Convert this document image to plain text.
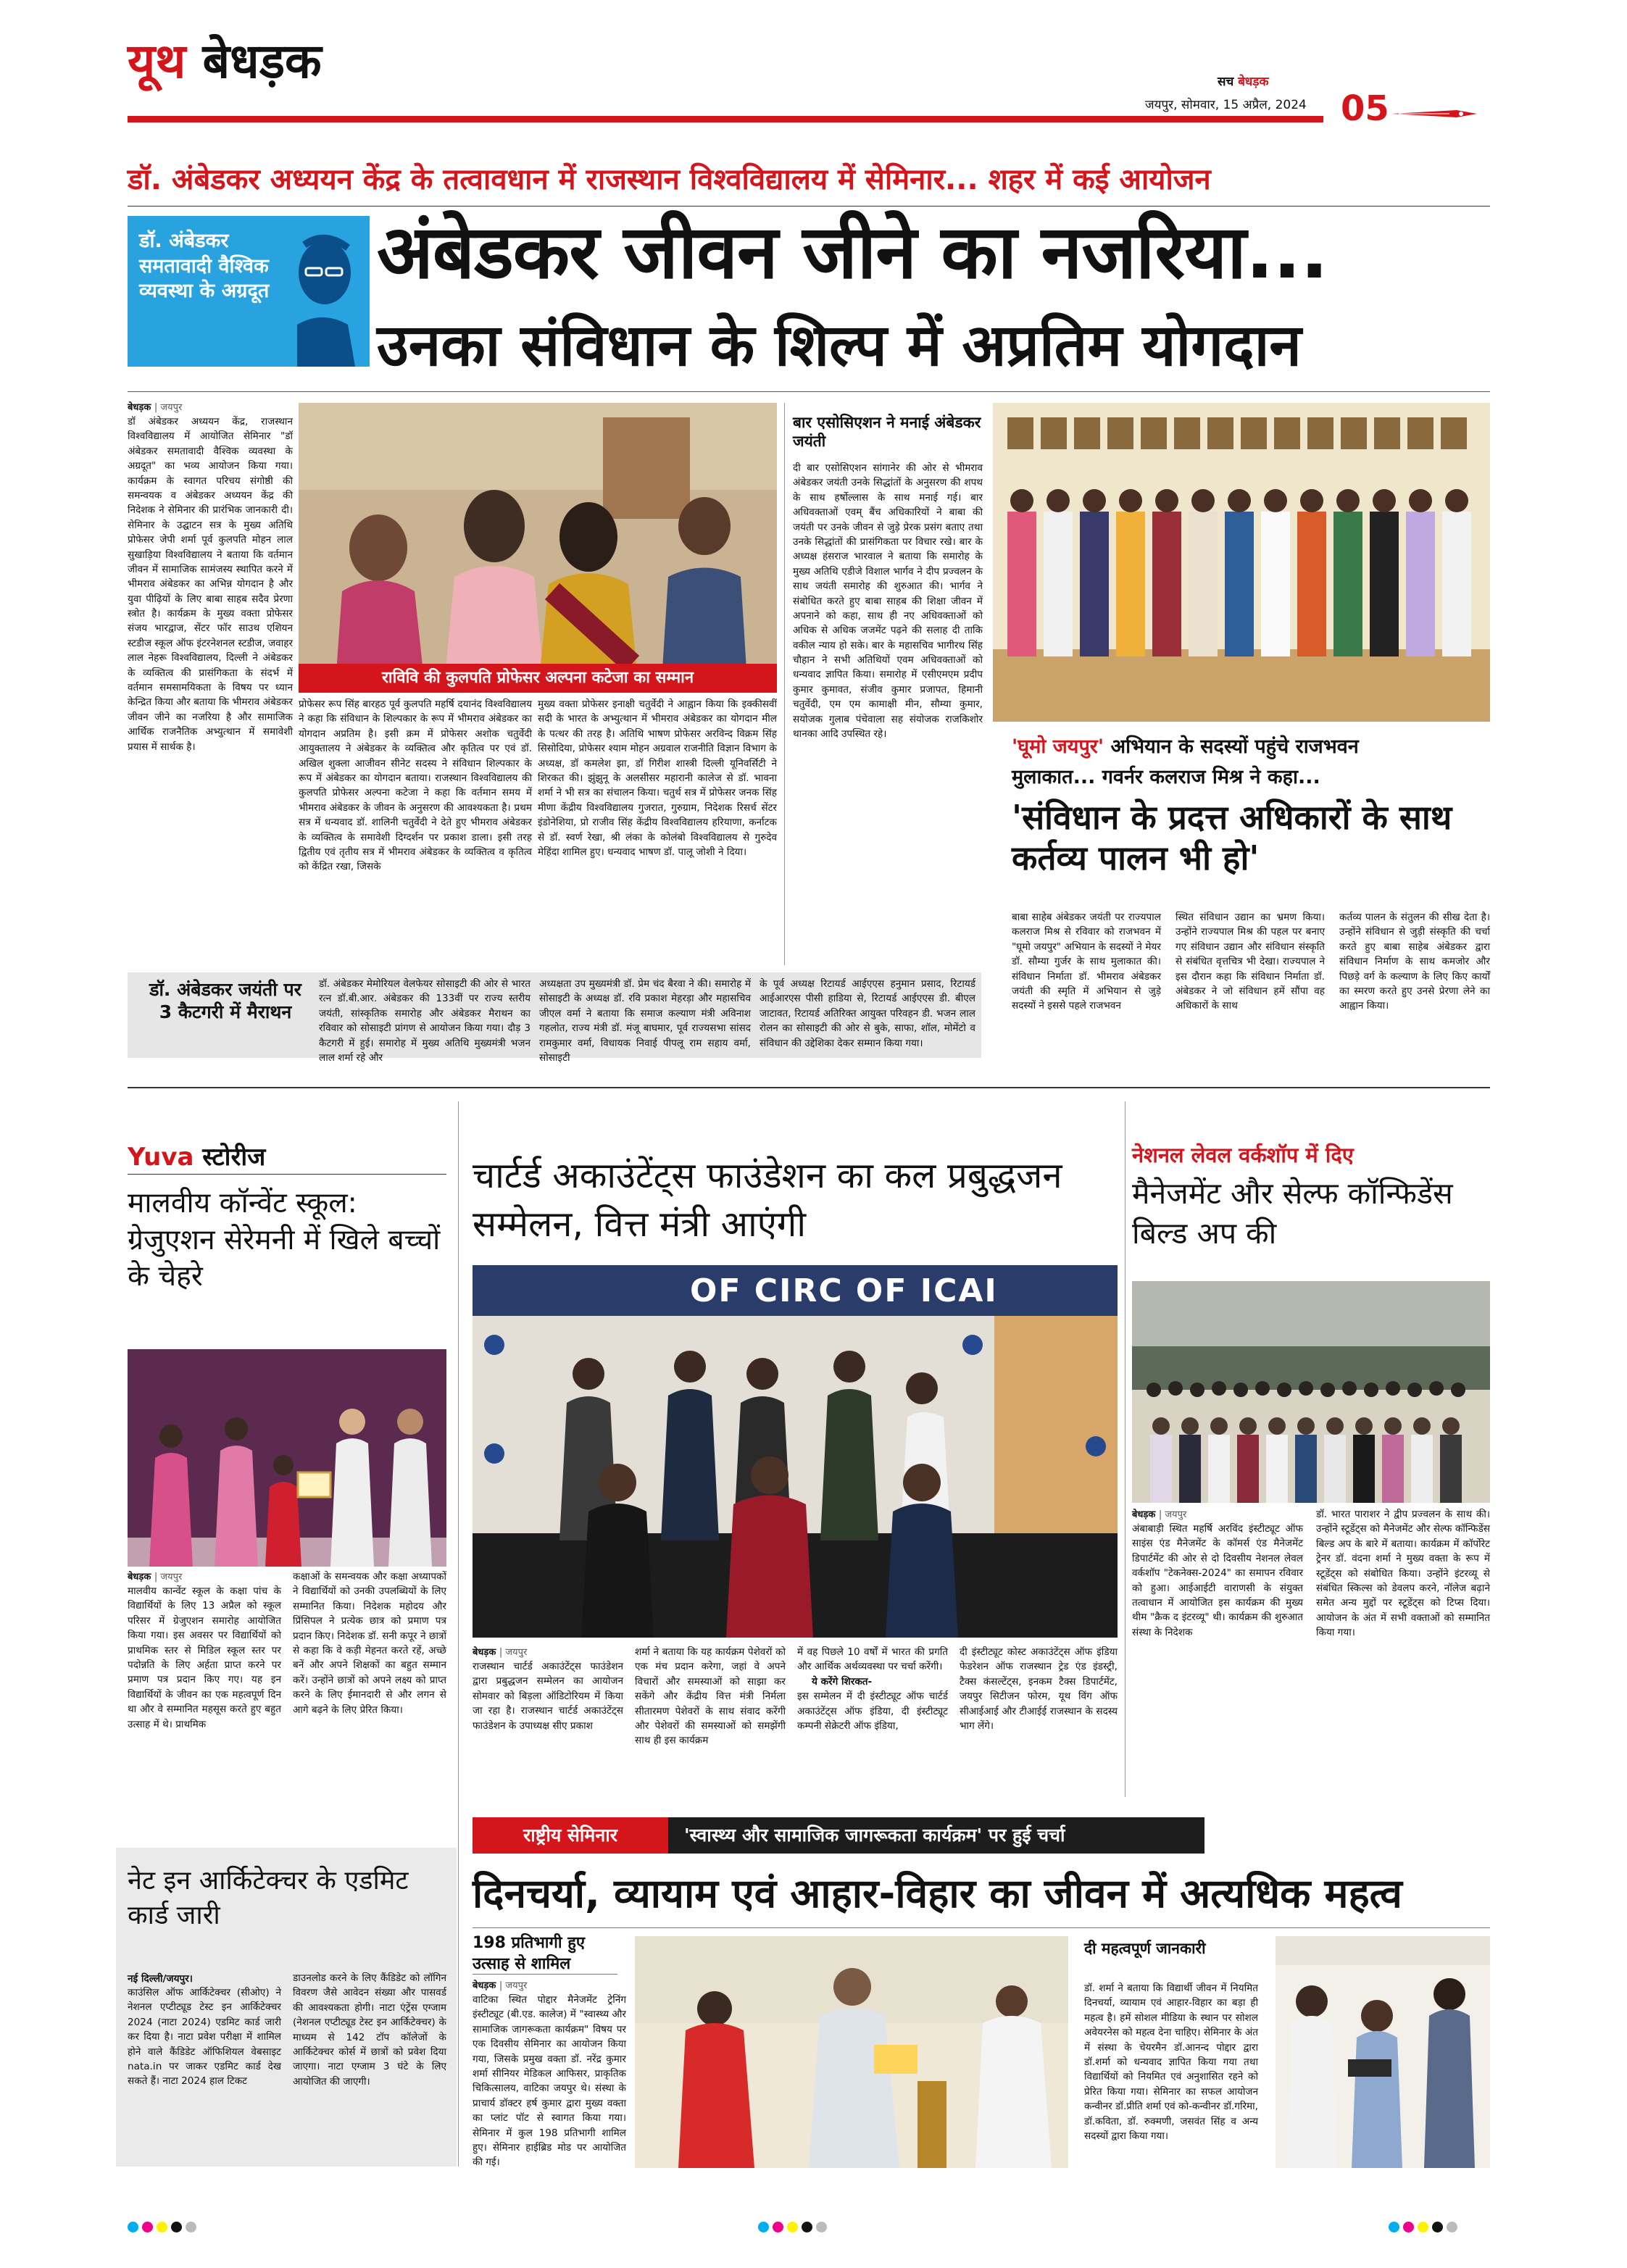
यूथ बेधड़क	सच बेधड़क
जयपुर, सोमवार, 15 अप्रैल, 2024 05
डॉ. अंबेडकर अध्ययन केंद्र के तत्वावधान में राजस्थान विश्वविद्यालय में सेमिनार... शहर में कई आयोजन
डॉ. अंबेडकर समतावादी वैश्विक व्यवस्था के अग्रदूत अंबेडकर जीवन जीने का नजरिया...
उनका संविधान के शिल्प में अप्रतिम योगदान
बेधड़क | जयपुर
डॉ अंबेडकर अध्ययन केंद्र, राजस्थान विश्वविद्यालय में आयोजित सेमिनार "डॉ अंबेडकर समतावादी वैश्विक व्यवस्था के अग्रदूत" का भव्य आयोजन किया गया। कार्यक्रम के स्वागत परिचय संगोष्ठी की समन्वयक व अंबेडकर अध्ययन केंद्र की निदेशक ने सेमिनार की प्रारंभिक जानकारी दी। सेमिनार के उद्घाटन सत्र के मुख्य अतिथि प्रोफेसर जेपी शर्मा पूर्व कुलपति मोहन लाल सुखाड़िया विश्वविद्यालय ने बताया कि वर्तमान जीवन में सामाजिक सामंजस्य स्थापित करने में भीमराव अंबेडकर का अभिन्न योगदान है और युवा पीढ़ियों के लिए बाबा साहब सदैव प्रेरणा स्त्रोत है। कार्यक्रम के मुख्य वक्ता प्रोफेसर संजय भारद्वाज, सेंटर फॉर साउथ एशियन स्टडीज स्कूल ऑफ इंटरनेशनल स्टडीज, जवाहर लाल नेहरू विश्वविद्यालय, दिल्ली ने अंबेडकर के व्यक्तित्व की प्रासंगिकता के संदर्भ में वर्तमान समसामयिकता के विषय पर ध्यान केन्द्रित किया और बताया कि भीमराव अंबेडकर जीवन जीने का नजरिया है और सामाजिक आर्थिक राजनैतिक अभ्युत्थान में समावेशी प्रयास में सार्थक है।
राविवि की कुलपति प्रोफेसर अल्पना कटेजा का सम्मान
प्रोफेसर रूप सिंह बारहठ पूर्व कुलपति महर्षि दयानंद विश्वविद्यालय ने कहा कि संविधान के शिल्पकार के रूप में भीमराव अंबेडकर का योगदान अप्रतिम है। इसी क्रम में प्रोफेसर अशोक चतुर्वेदी आयुक्तालय ने अंबेडकर के व्यक्तित्व और कृतित्व पर एवं डॉ. अखिल शुक्ला आजीवन सीनेट सदस्य ने संविधान शिल्पकार के रूप में अंबेडकर का योगदान बताया। राजस्थान विश्वविद्यालय की कुलपति प्रोफेसर अल्पना कटेजा ने कहा कि वर्तमान समय में भीमराव अंबेडकर के जीवन के अनुसरण की आवश्यकता है। प्रथम सत्र में धन्यवाद डॉ. शालिनी चतुर्वेदी ने देते हुए भीमराव अंबेडकर के व्यक्तित्व के समावेशी दिग्दर्शन पर प्रकाश डाला। इसी तरह द्वितीय एवं तृतीय सत्र में भीमराव अंबेडकर के व्यक्तित्व व कृतित्व को केंद्रित रखा, जिसके
मुख्य वक्ता प्रोफेसर इनाक्षी चतुर्वेदी ने आह्वान किया कि इक्कीसवीं सदी के भारत के अभ्युत्थान में भीमराव अंबेडकर का योगदान मील के पत्थर की तरह है। अतिथि भाषण प्रोफेसर अरविन्द विक्रम सिंह सिसोदिया, प्रोफेसर श्याम मोहन अग्रवाल राजनीति विज्ञान विभाग के अध्यक्ष, डॉ कमलेश झा, डॉ गिरीश शास्त्री दिल्ली यूनिवर्सिटी ने शिरकत की। झुंझुनू के अलसीसर महारानी कालेज से डॉ. भावना शर्मा ने भी सत्र का संचालन किया। चतुर्थ सत्र में प्रोफेसर जनक सिंह मीणा केंद्रीय विश्वविद्यालय गुजरात, गुरुग्राम, निदेशक रिसर्च सेंटर इंडोनेशिया, प्रो राजीव सिंह केंद्रीय विश्वविद्यालय हरियाणा, कर्नाटक से डॉ. स्वर्ण रेखा, श्री लंका के कोलंबो विश्वविद्यालय से गुरुदेव मेहिंदा शामिल हुए। धन्यवाद भाषण डॉ. पालू जोशी ने दिया।
बार एसोसिएशन ने मनाई अंबेडकर जयंती
दी बार एसोसिएशन सांगानेर की ओर से भीमराव अंबेडकर जयंती उनके सिद्धांतों के अनुसरण की शपथ के साथ हर्षोल्लास के साथ मनाई गई। बार अधिवक्ताओं एवम् बैंच अधिकारियों ने बाबा की जयंती पर उनके जीवन से जुड़े प्रेरक प्रसंग बताए तथा उनके सिद्धांतों की प्रासंगिकता पर विचार रखे। बार के अध्यक्ष हंसराज भारवाल ने बताया कि समारोह के मुख्य अतिथि एडीजे विशाल भार्गव ने दीप प्रज्वलन के साथ जयंती समारोह की शुरुआत की। भार्गव ने संबोधित करते हुए बाबा साहब की शिक्षा जीवन में अपनाने को कहा, साथ ही नए अधिवक्ताओं को अधिक से अधिक जजमेंट पढ़ने की सलाह दी ताकि वकील न्याय हो सके। बार के महासचिव भागीरथ सिंह चौहान ने सभी अतिथियों एवम अधिवक्ताओं को धन्यवाद ज्ञापित किया। समारोह में एसीएमएम प्रदीप कुमार कुमावत, संजीव कुमार प्रजापत, हिमानी चतुर्वेदी, एम एम कामाक्षी मीन, सौम्या कुमार, सयोजक गुलाब पंचेवाला सह संयोजक राजकिशोर थानका आदि उपस्थित रहे।
'घूमो जयपुर' अभियान के सदस्यों पहुंचे राजभवन
मुलाकात... गवर्नर कलराज मिश्र ने कहा...
'संविधान के प्रदत्त अधिकारों के साथ कर्तव्य पालन भी हो'
बाबा साहेब अंबेडकर जयंती पर राज्यपाल कलराज मिश्र से रविवार को राजभवन में "घूमो जयपुर" अभियान के सदस्यों ने मेयर डॉ. सौम्या गुर्जर के साथ मुलाकात की। संविधान निर्माता डॉ. भीमराव अंबेडकर जयंती की स्मृति में अभियान से जुड़े सदस्यों ने इससे पहले राजभवन
स्थित संविधान उद्यान का भ्रमण किया। उन्होंने राज्यपाल मिश्र की पहल पर बनाए गए संविधान उद्यान और संविधान संस्कृति से संबंधित वृत्तचित्र भी देखा। राज्यपाल ने इस दौरान कहा कि संविधान निर्माता डॉ. अंबेडकर ने जो संविधान हमें सौंपा वह अधिकारों के साथ
कर्तव्य पालन के संतुलन की सीख देता है। उन्होंने संविधान से जुड़ी संस्कृति की चर्चा करते हुए बाबा साहेब अंबेडकर द्वारा संविधान निर्माण के साथ कमजोर और पिछड़े वर्ग के कल्याण के लिए किए कार्यों का स्मरण करते हुए उनसे प्रेरणा लेने का आह्वान किया।
डॉ. अंबेडकर जयंती पर 3 कैटगरी में मैराथन
डॉ. अंबेडकर मेमोरियल वेलफेयर सोसाइटी की ओर से भारत रत्न डॉ.बी.आर. अंबेडकर की 133वीं पर राज्य स्तरीय जयंती, सांस्कृतिक समारोह और अंबेडकर मैराथन का रविवार को सोसाइटी प्रांगण से आयोजन किया गया। दौड़ 3 कैटगरी में हुई। समारोह में मुख्य अतिथि मुख्यमंत्री भजन लाल शर्मा रहे और
अध्यक्षता उप मुख्यमंत्री डॉ. प्रेम चंद बैरवा ने की। समारोह में सोसाइटी के अध्यक्ष डॉ. रवि प्रकाश मेहरड़ा और महासचिव जीएल वर्मा ने बताया कि समाज कल्याण मंत्री अविनाश गहलोत, राज्य मंत्री डॉ. मंजू बाघमार, पूर्व राज्यसभा सांसद रामकुमार वर्मा, विधायक निवाई पीपलू राम सहाय वर्मा, सोसाइटी
के पूर्व अध्यक्ष रिटायर्ड आईएएस हनुमान प्रसाद, रिटायर्ड आईआरएस पीसी हाडिया से, रिटायर्ड आईएएस डी. बीएल जाटावत, रिटायर्ड अतिरिक्त आयुक्त परिवहन डी. भजन लाल रोलन का सोसाइटी की ओर से बुके, साफा, शॉल, मोमेंटो व संविधान की उद्देशिका देकर सम्मान किया गया।
Yuva स्टोरीज
मालवीय कॉन्वेंट स्कूल: ग्रेजुएशन सेरेमनी में खिले बच्चों के चेहरे
बेधड़क | जयपुर
मालवीय कान्वेंट स्कूल के कक्षा पांच के विद्यार्थियों के लिए 13 अप्रैल को स्कूल परिसर में ग्रेजुएशन समारोह आयोजित किया गया। इस अवसर पर विद्यार्थियों को प्राथमिक स्तर से मिडिल स्कूल स्तर पर पदोन्नति के लिए अर्हता प्राप्त करने पर प्रमाण पत्र प्रदान किए गए। यह इन विद्यार्थियों के जीवन का एक महत्वपूर्ण दिन था और वे सम्मानित महसूस करते हुए बहुत उत्साह में थे। प्राथमिक
कक्षाओं के समन्वयक और कक्षा अध्यापकों ने विद्यार्थियों को उनकी उपलब्धियों के लिए सम्मानित किया। निदेशक महोदय और प्रिंसिपल ने प्रत्येक छात्र को प्रमाण पत्र प्रदान किए। निदेशक डॉ. सनी कपूर ने छात्रों से कहा कि वे कड़ी मेहनत करते रहें, अच्छे बनें और अपने शिक्षकों का बहुत सम्मान करें। उन्होंने छात्रों को अपने लक्ष्य को प्राप्त करने के लिए ईमानदारी से और लगन से आगे बढ़ने के लिए प्रेरित किया।
नेट इन आर्किटेक्चर के एडमिट कार्ड जारी
नई दिल्ली/जयपुर।
काउंसिल ऑफ आर्किटेक्चर (सीओए) ने नेशनल एप्टीट्यूड टेस्ट इन आर्किटेक्चर 2024 (नाटा 2024) एडमिट कार्ड जारी कर दिया है। नाटा प्रवेश परीक्षा में शामिल होने वाले कैंडिडेट ऑफिशियल वेबसाइट nata.in पर जाकर एडमिट कार्ड देख सकते हैं। नाटा 2024 हाल टिकट
डाउनलोड करने के लिए कैंडिडेट को लॉगिन विवरण जैसे आवेदन संख्या और पासवर्ड की आवश्यकता होगी। नाटा एंट्रेंस एग्जाम (नेशनल एप्टीट्यूड टेस्ट इन आर्किटेक्चर) के माध्यम से 142 टॉप कॉलेजों के आर्किटेक्चर कोर्स में छात्रों को प्रवेश दिया जाएगा। नाटा एग्जाम 3 घंटे के लिए आयोजित की जाएगी।
चार्टर्ड अकाउंटेंट्स फाउंडेशन का कल प्रबुद्धजन सम्मेलन, वित्त मंत्री आएंगी
OF CIRC OF ICAI
बेधड़क | जयपुर
राजस्थान चार्टर्ड अकाउंटेंट्स फाउंडेशन द्वारा प्रबुद्धजन सम्मेलन का आयोजन सोमवार को बिड़ला ऑडिटोरियम में किया जा रहा है। राजस्थान चार्टर्ड अकाउंटेंट्स फाउंडेशन के उपाध्यक्ष सीए प्रकाश
शर्मा ने बताया कि यह कार्यक्रम पेशेवरों को एक मंच प्रदान करेगा, जहां वे अपने विचारों और समस्याओं को साझा कर सकेंगे और केंद्रीय वित्त मंत्री निर्मला सीतारमण पेशेवरों के साथ संवाद करेंगी और पेशेवरों की समस्याओं को समझेंगी साथ ही इस कार्यक्रम

में वह पिछले 10 वर्षों में भारत की प्रगति और आर्थिक अर्थव्यवस्था पर चर्चा करेंगी।

ये करेंगे शिरकत-

इस सम्मेलन में दी इंस्टीट्यूट ऑफ चार्टर्ड अकाउंटेंट्स ऑफ इंडिया, दी इंस्टीट्यूट कम्पनी सेक्रेटरी ऑफ इंडिया,

दी इंस्टीट्यूट कोस्ट अकाउंटेंट्स ऑफ इंडिया फेडरेशन ऑफ राजस्थान ट्रेड एंड इंडस्ट्री, टैक्स कंसल्टेंट्स, इनकम टैक्स डिपार्टमेंट, जयपुर सिटीजन फोरम, यूथ विंग ऑफ सीआईआई और टीआईई राजस्थान के सदस्य भाग लेंगे।
नेशनल लेवल वर्कशॉप में दिए
मैनेजमेंट और सेल्फ कॉन्फिडेंस बिल्ड अप की
बेधड़क | जयपुर
अंबाबाड़ी स्थित महर्षि अरविंद इंस्टीट्यूट ऑफ साइंस एंड मैनेजमेंट के कॉमर्स एंड मैनेजमेंट डिपार्टमेंट की ओर से दो दिवसीय नेशनल लेवल वर्कशॉप "टेकनेक्स-2024" का समापन रविवार को हुआ। आईआईटी वाराणसी के संयुक्त तत्वाधान में आयोजित इस कार्यक्रम की मुख्य थीम "क्रैक द इंटरव्यू" थी। कार्यक्रम की शुरुआत संस्था के निदेशक
डॉ. भारत पाराशर ने द्वीप प्रज्वलन के साथ की। उन्होंने स्टूडेंट्स को मैनेजमेंट और सेल्फ कॉन्फिडेंस बिल्ड अप के बारे में बताया। कार्यक्रम में कॉर्पोरेट ट्रेनर डॉ. वंदना शर्मा ने मुख्य वक्ता के रूप में स्टूडेंट्स को संबोधित किया। उन्होंने इंटरव्यू से संबंधित स्किल्स को डेवलप करने, नॉलेज बढ़ाने समेत अन्य मुद्दों पर स्टूडेंट्स को टिप्स दिया। आयोजन के अंत में सभी वक्ताओं को सम्मानित किया गया।
राष्ट्रीय सेमिनार	'स्वास्थ्य और सामाजिक जागरूकता कार्यक्रम' पर हुई चर्चा
दिनचर्या, व्यायाम एवं आहार-विहार का जीवन में अत्यधिक महत्व
198 प्रतिभागी हुए उत्साह से शामिल
बेधड़क | जयपुर
वाटिका स्थित पोद्दार मैनेजमेंट ट्रेनिंग इंस्टीट्यूट (बी.एड. कालेज) में "स्वास्थ्य और सामाजिक जागरूकता कार्यक्रम" विषय पर एक दिवसीय सेमिनार का आयोजन किया गया, जिसके प्रमुख वक्ता डॉ. नरेंद्र कुमार शर्मा सीनियर मेडिकल आफिसर, प्राकृतिक चिकित्सालय, वाटिका जयपुर थे। संस्था के प्राचार्य डॉक्टर हर्ष कुमार द्वारा मुख्य वक्ता का प्लांट पॉट से स्वागत किया गया। सेमिनार में कुल 198 प्रतिभागी शामिल हुए। सेमिनार हाईब्रिड मोड पर आयोजित की गई।
दी महत्वपूर्ण जानकारी
डॉ. शर्मा ने बताया कि विद्यार्थी जीवन में नियमित दिनचर्या, व्यायाम एवं आहार-विहार का बड़ा ही महत्व है। हमें सोशल मीडिया के स्थान पर सोशल अवेयरनेस को महत्व देना चाहिए। सेमिनार के अंत में संस्था के चेयरमैन डॉ.आनन्द पोद्दार द्वारा डॉ.शर्मा को धन्यवाद ज्ञापित किया गया तथा विद्यार्थियों को नियमित एवं अनुशासित रहने को प्रेरित किया गया। सेमिनार का सफल आयोजन कन्वीनर डॉ.प्रीति शर्मा एवं को-कन्वीनर डॉ.गरिमा, डॉ.कविता, डॉ. रुक्मणी, जसवंत सिंह व अन्य सदस्यों द्वारा किया गया।
